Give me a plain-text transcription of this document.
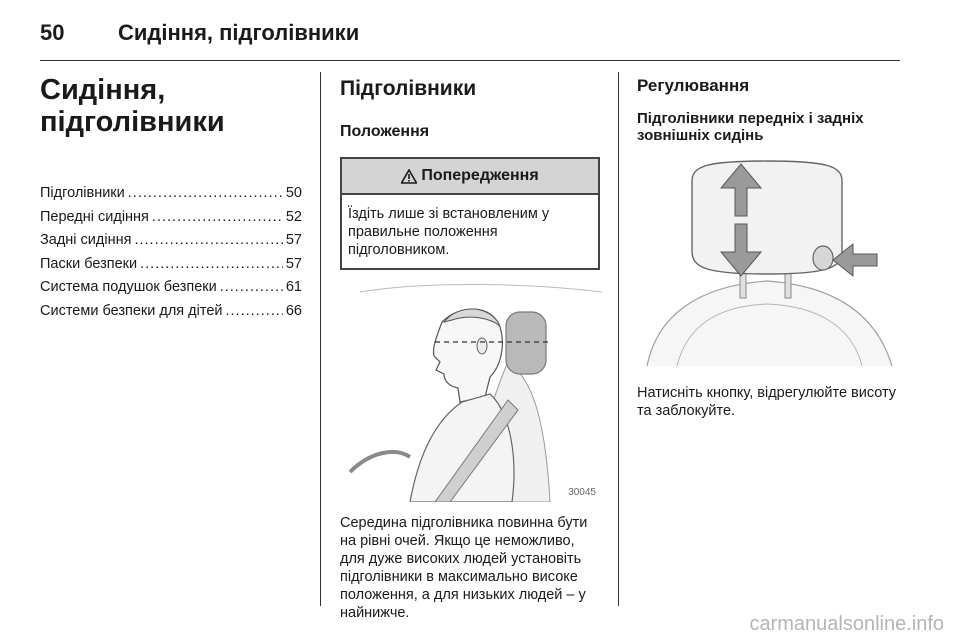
50 Сидіння, підголівники
Сидіння, підголівники
Підголівники .....	50
Передні сидіння .....	52
Задні сидіння .....	57
Паски безпеки .....	57
Система подушок безпеки .....	61
Системи безпеки для дітей .....	66
Підголівники
Положення
Попередження
Їздіть лише зі встановленим у правильне положення підголовником.
30045

Середина підголівника повинна бути на рівні очей. Якщо це неможливо, для дуже високих людей установіть підголівники в максимально високе положення, а для низьких людей – у найнижче.

Регулювання
Підголівники передніх і задніх зовнішніх сидінь

Натисніть кнопку, відрегулюйте висоту та заблокуйте.

carmanualsonline.info
